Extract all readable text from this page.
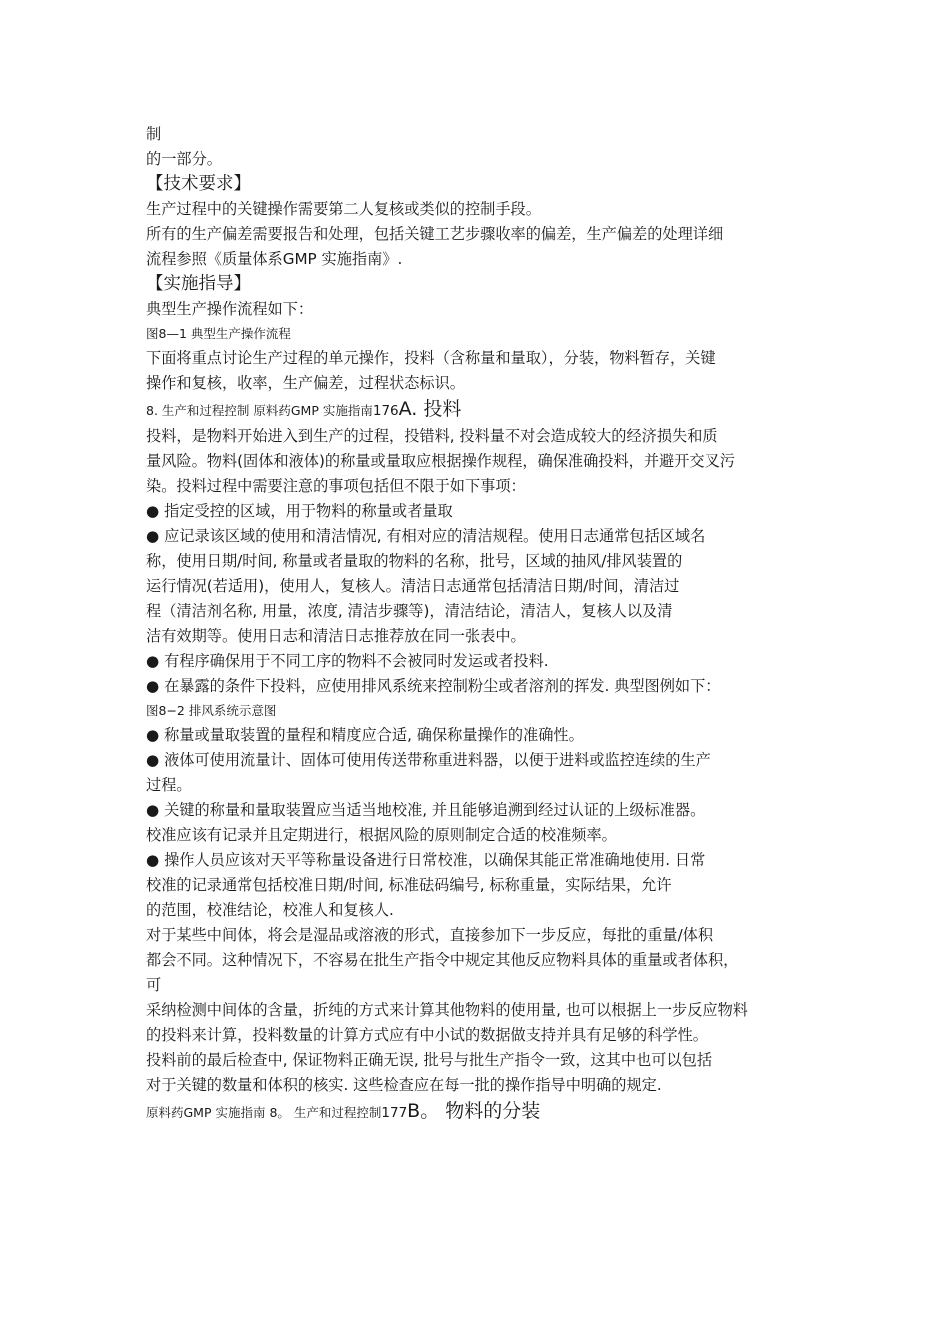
制
的一部分。
【技术要求】
生产过程中的关键操作需要第二人复核或类似的控制手段。
所有的生产偏差需要报告和处理，包括关键工艺步骤收率的偏差，生产偏差的处理详细
流程参照《质量体系GMP 实施指南》.
【实施指导】
典型生产操作流程如下：
图8—1 典型生产操作流程
下面将重点讨论生产过程的单元操作，投料（含称量和量取），分装，物料暂存，关键
操作和复核，收率，生产偏差，过程状态标识。
8. 生产和过程控制 原料药GMP 实施指南176A. 投料
投料，是物料开始进入到生产的过程，投错料, 投料量不对会造成较大的经济损失和质
量风险。物料(固体和液体)的称量或量取应根据操作规程，确保准确投料，并避开交叉污
染。投料过程中需要注意的事项包括但不限于如下事项：
● 指定受控的区域，用于物料的称量或者量取
● 应记录该区域的使用和清洁情况, 有相对应的清洁规程。使用日志通常包括区域名
称，使用日期/时间, 称量或者量取的物料的名称，批号，区域的抽风/排风装置的
运行情况(若适用)，使用人，复核人。清洁日志通常包括清洁日期/时间，清洁过
程（清洁剂名称, 用量，浓度, 清洁步骤等)，清洁结论，清洁人，复核人以及清
洁有效期等。使用日志和清洁日志推荐放在同一张表中。
● 有程序确保用于不同工序的物料不会被同时发运或者投料.
● 在暴露的条件下投料，应使用排风系统来控制粉尘或者溶剂的挥发. 典型图例如下：
图8−2 排风系统示意图
● 称量或量取装置的量程和精度应合适, 确保称量操作的准确性。
● 液体可使用流量计、固体可使用传送带称重进料器，以便于进料或监控连续的生产
过程。
● 关键的称量和量取装置应当适当地校准, 并且能够追溯到经过认证的上级标准器。
校准应该有记录并且定期进行，根据风险的原则制定合适的校准频率。
● 操作人员应该对天平等称量设备进行日常校准，以确保其能正常准确地使用. 日常
校准的记录通常包括校准日期/时间, 标准砝码编号, 标称重量，实际结果，允许
的范围，校准结论，校准人和复核人.
对于某些中间体，将会是湿品或溶液的形式，直接参加下一步反应，每批的重量/体积
都会不同。这种情况下，不容易在批生产指令中规定其他反应物料具体的重量或者体积，
可
采纳检测中间体的含量，折纯的方式来计算其他物料的使用量, 也可以根据上一步反应物料
的投料来计算，投料数量的计算方式应有中小试的数据做支持并具有足够的科学性。
投料前的最后检查中, 保证物料正确无误, 批号与批生产指令一致，这其中也可以包括
对于关键的数量和体积的核实. 这些检查应在每一批的操作指导中明确的规定.
原料药GMP 实施指南 8。 生产和过程控制177B。 物料的分装
